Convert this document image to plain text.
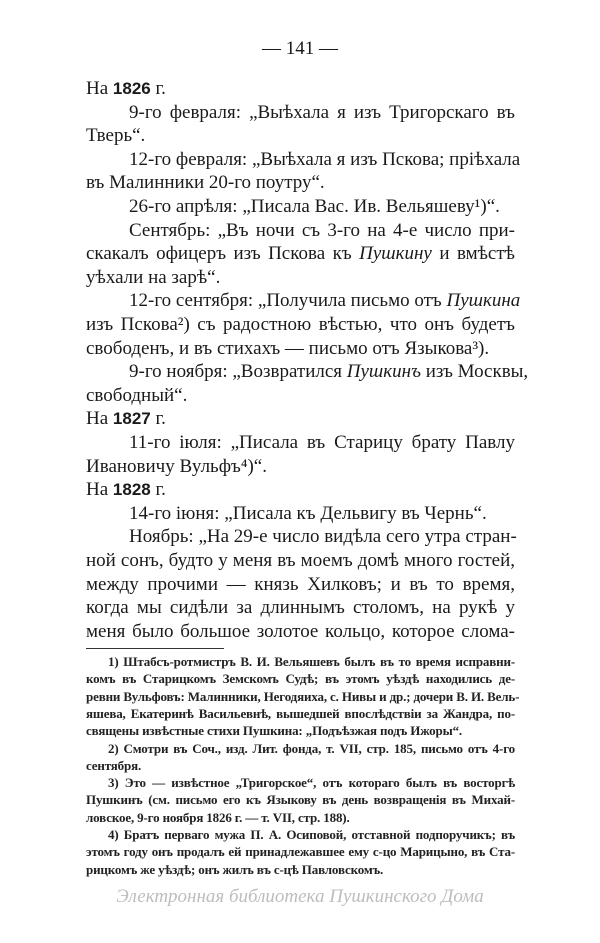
— 141 —
На 1826 г.
9-го февраля: „Выѣхала я изъ Тригорскаго въ
Тверь“.
12-го февраля: „Выѣхала я изъ Пскова; пріѣхала
въ Малинники 20-го поутру“.
26-го апрѣля: „Писала Вас. Ив. Вельяшеву¹)“.
Сентябрь: „Въ ночи съ 3-го на 4-е число при-
скакалъ офицеръ изъ Пскова къ Пушкину и вмѣстѣ
уѣхали на зарѣ“.
12-го сентября: „Получила письмо отъ Пушкина
изъ Пскова²) съ радостною вѣстью, что онъ будетъ
свободенъ, и въ стихахъ — письмо отъ Языкова³).
9-го ноября: „Возвратился Пушкинъ изъ Москвы,
свободный“.
На 1827 г.
11-го іюля: „Писала въ Старицу брату Павлу
Ивановичу Вульфъ⁴)“.
На 1828 г.
14-го іюня: „Писала къ Дельвигу въ Чернь“.
Ноябрь: „На 29-е число видѣла сего утра стран-
ной сонъ, будто у меня въ моемъ домѣ много гостей,
между прочими — князь Хилковъ; и въ то время,
когда мы сидѣли за длиннымъ столомъ, на рукѣ у
меня было большое золотое кольцо, которое слома-
1) Штабсъ-ротмистръ В. И. Вельяшевъ былъ въ то время исправни-
комъ въ Старицкомъ Земскомъ Судѣ; въ этомъ уѣздѣ находились де-
ревни Вульфовъ: Малинники, Негодяиха, с. Нивы и др.; дочери В. И. Вель-
яшева, Екатеринѣ Васильевнѣ, вышедшей впослѣдствіи за Жандра, по-
священы извѣстные стихи Пушкина: „Подъѣзжая подъ Ижоры“.
2) Смотри въ Соч., изд. Лит. фонда, т. VII, стр. 185, письмо отъ 4-го
сентября.
3) Это — извѣстное „Тригорское“, отъ котораго былъ въ восторгѣ
Пушкинъ (см. письмо его къ Языкову въ день возвращенія въ Михай-
ловское, 9-го ноября 1826 г. — т. VII, стр. 188).
4) Братъ перваго мужа П. А. Осиповой, отставной подпоручикъ; въ
этомъ году онъ продалъ ей принадлежавшее ему с-цо Марицыно, въ Ста-
рицкомъ же уѣздѣ; онъ жилъ въ с-цѣ Павловскомъ.
Электронная библиотека Пушкинского Дома
